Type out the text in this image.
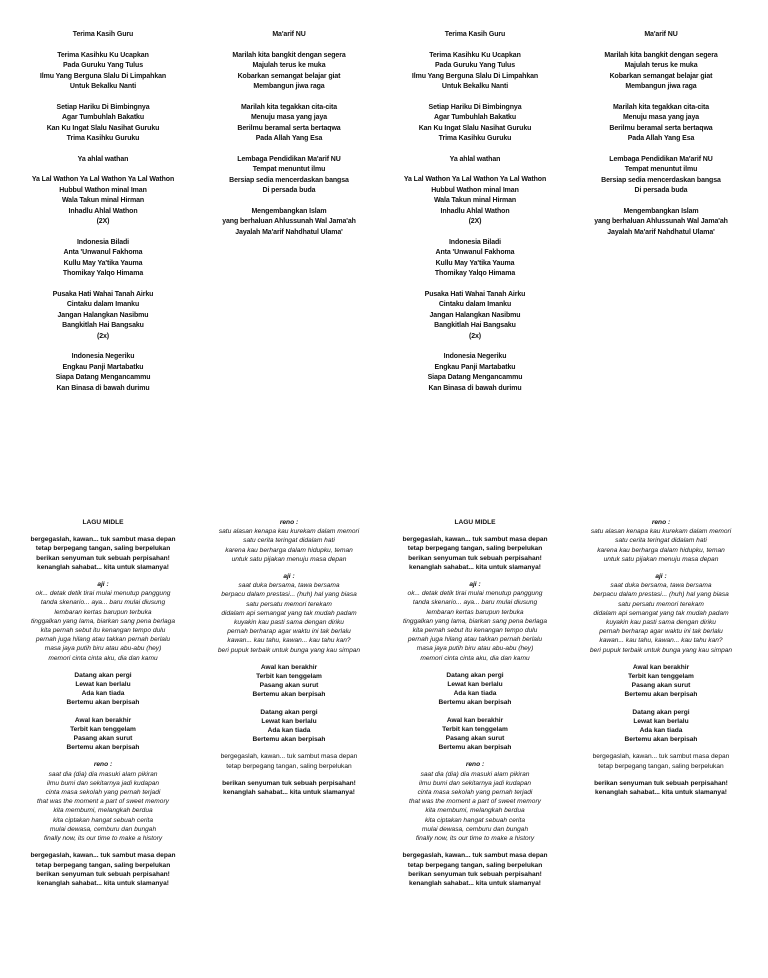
Terima Kasih Guru
Terima Kasihku Ku Ucapkan
Pada Guruku Yang Tulus
Ilmu Yang Berguna Slalu Di Limpahkan
Untuk Bekalku Nanti
Setiap Hariku Di Bimbingnya
Agar Tumbuhlah Bakatku
Kan Ku Ingat Slalu Nasihat Guruku
Trima Kasihku Guruku
Ya ahlal wathan
Ya Lal Wathon Ya Lal Wathon Ya Lal Wathon
Hubbul Wathon minal Iman
Wala Takun minal Hirman
Inhadlu Ahlal Wathon
(2X)
Indonesia Biladi
Anta 'Unwanul Fakhoma
Kullu May Ya'tika Yauma
Thomikay Yalqo Himama
Pusaka Hati Wahai Tanah Airku
Cintaku dalam Imanku
Jangan Halangkan Nasibmu
Bangkitlah Hai Bangsaku
(2x)
Indonesia Negeriku
Engkau Panji Martabatku
Siapa Datang Mengancammu
Kan Binasa di bawah durimu
Ma'arif NU
Marilah kita bangkit dengan segera
Majulah terus ke muka
Kobarkan semangat belajar giat
Membangun jiwa raga
Marilah kita tegakkan cita-cita
Menuju masa yang jaya
Berilmu beramal serta bertaqwa
Pada Allah Yang Esa
Lembaga Pendidikan Ma'arif NU
Tempat menuntut ilmu
Bersiap sedia mencerdaskan bangsa
Di persada buda
Mengembangkan Islam
yang berhaluan Ahlussunah Wal Jama'ah
Jayalah Ma'arif Nahdhatul Ulama'
Terima Kasih Guru
Terima Kasihku Ku Ucapkan
Pada Guruku Yang Tulus
Ilmu Yang Berguna Slalu Di Limpahkan
Untuk Bekalku Nanti
Setiap Hariku Di Bimbingnya
Agar Tumbuhlah Bakatku
Kan Ku Ingat Slalu Nasihat Guruku
Trima Kasihku Guruku
Ya ahlal wathan
Ya Lal Wathon Ya Lal Wathon Ya Lal Wathon
Hubbul Wathon minal Iman
Wala Takun minal Hirman
Inhadlu Ahlal Wathon
(2X)
Indonesia Biladi
Anta 'Unwanul Fakhoma
Kullu May Ya'tika Yauma
Thomikay Yalqo Himama
Pusaka Hati Wahai Tanah Airku
Cintaku dalam Imanku
Jangan Halangkan Nasibmu
Bangkitlah Hai Bangsaku
(2x)
Indonesia Negeriku
Engkau Panji Martabatku
Siapa Datang Mengancammu
Kan Binasa di bawah durimu
Ma'arif NU
Marilah kita bangkit dengan segera
Majulah terus ke muka
Kobarkan semangat belajar giat
Membangun jiwa raga
Marilah kita tegakkan cita-cita
Menuju masa yang jaya
Berilmu beramal serta bertaqwa
Pada Allah Yang Esa
Lembaga Pendidikan Ma'arif NU
Tempat menuntut ilmu
Bersiap sedia mencerdaskan bangsa
Di persada buda
Mengembangkan Islam
yang berhaluan Ahlussunah Wal Jama'ah
Jayalah Ma'arif Nahdhatul Ulama'
LAGU MIDLE
bergegaslah, kawan... tuk sambut masa depan
tetap berpegang tangan, saling berpelukan
berikan senyuman tuk sebuah perpisahan!
kenanglah sahabat... kita untuk slamanya!
aji :
ok... detak detik tirai mulai menutup panggung
tanda skenario... aya... baru mulai diusung
lembaran kertas barupun terbuka
tinggalkan yang lama, biarkan sang pena berlaga
kita pernah sebut itu kenangan tempo dulu
pernah juga hilang atau takkan pernah berlalu
masa jaya putih biru atau abu-abu (hey)
memori cinta cinta aku, dia dan kamu
Datang akan pergi
Lewat kan berlalu
Ada kan tiada
Bertemu akan berpisah
Awal kan berakhir
Terbit kan tenggelam
Pasang akan surut
Bertemu akan berpisah
reno :
saat dia (dia) dia masuki alam pikiran
ilmu bumi dan sekitarnya jadi kudapan
cinta masa sekolah yang pernah terjadi
that was the moment a part of sweet memory
kita membumi, melangkah berdua
kita ciptakan hangat sebuah cerita
mulai dewasa, cemburu dan bungah
finally now, its our time to make a history
bergegaslah, kawan... tuk sambut masa depan
tetap berpegang tangan, saling berpelukan
berikan senyuman tuk sebuah perpisahan!
kenanglah sahabat... kita untuk slamanya!
reno :
satu alasan kenapa kau kurekam dalam memori
satu cerita teringat didalam hati
karena kau berharga dalam hidupku, teman
untuk satu pijakan menuju masa depan
aji :
saat duka bersama, tawa bersama
berpacu dalam prestasi... (huh) hal yang biasa
satu persatu memori terekam
didalam api semangat yang tak mudah padam
kuyakin kau pasti sama dengan diriku
pernah berharap agar waktu ini tak berlalu
kawan... kau tahu, kawan... kau tahu kan?
beri pupuk terbaik untuk bunga yang kau simpan
Awal kan berakhir
Terbit kan tenggelam
Pasang akan surut
Bertemu akan berpisah
Datang akan pergi
Lewat kan berlalu
Ada kan tiada
Bertemu akan berpisah
bergegaslah, kawan... tuk sambut masa depan
tetap berpegang tangan, saling berpelukan
berikan senyuman tuk sebuah perpisahan!
kenanglah sahabat... kita untuk slamanya!
LAGU MIDLE
bergegaslah, kawan... tuk sambut masa depan
tetap berpegang tangan, saling berpelukan
berikan senyuman tuk sebuah perpisahan!
kenanglah sahabat... kita untuk slamanya!
aji :
ok... detak detik tirai mulai menutup panggung
tanda skenario... aya... baru mulai diusung
lembaran kertas barupun terbuka
tinggalkan yang lama, biarkan sang pena berlaga
kita pernah sebut itu kenangan tempo dulu
pernah juga hilang atau takkan pernah berlalu
masa jaya putih biru atau abu-abu (hey)
memori cinta cinta aku, dia dan kamu
Datang akan pergi
Lewat kan berlalu
Ada kan tiada
Bertemu akan berpisah
Awal kan berakhir
Terbit kan tenggelam
Pasang akan surut
Bertemu akan berpisah
reno :
saat dia (dia) dia masuki alam pikiran
ilmu bumi dan sekitarnya jadi kudapan
cinta masa sekolah yang pernah terjadi
that was the moment a part of sweet memory
kita membumi, melangkah berdua
kita ciptakan hangat sebuah cerita
mulai dewasa, cemburu dan bungah
finally now, its our time to make a history
bergegaslah, kawan... tuk sambut masa depan
tetap berpegang tangan, saling berpelukan
berikan senyuman tuk sebuah perpisahan!
kenanglah sahabat... kita untuk slamanya!
reno :
satu alasan kenapa kau kurekam dalam memori
satu cerita teringat didalam hati
karena kau berharga dalam hidupku, teman
untuk satu pijakan menuju masa depan
aji :
saat duka bersama, tawa bersama
berpacu dalam prestasi... (huh) hal yang biasa
satu persatu memori terekam
didalam api semangat yang tak mudah padam
kuyakin kau pasti sama dengan diriku
pernah berharap agar waktu ini tak berlalu
kawan... kau tahu, kawan... kau tahu kan?
beri pupuk terbaik untuk bunga yang kau simpan
Awal kan berakhir
Terbit kan tenggelam
Pasang akan surut
Bertemu akan berpisah
Datang akan pergi
Lewat kan berlalu
Ada kan tiada
Bertemu akan berpisah
bergegaslah, kawan... tuk sambut masa depan
tetap berpegang tangan, saling berpelukan
berikan senyuman tuk sebuah perpisahan!
kenanglah sahabat... kita untuk slamanya!
